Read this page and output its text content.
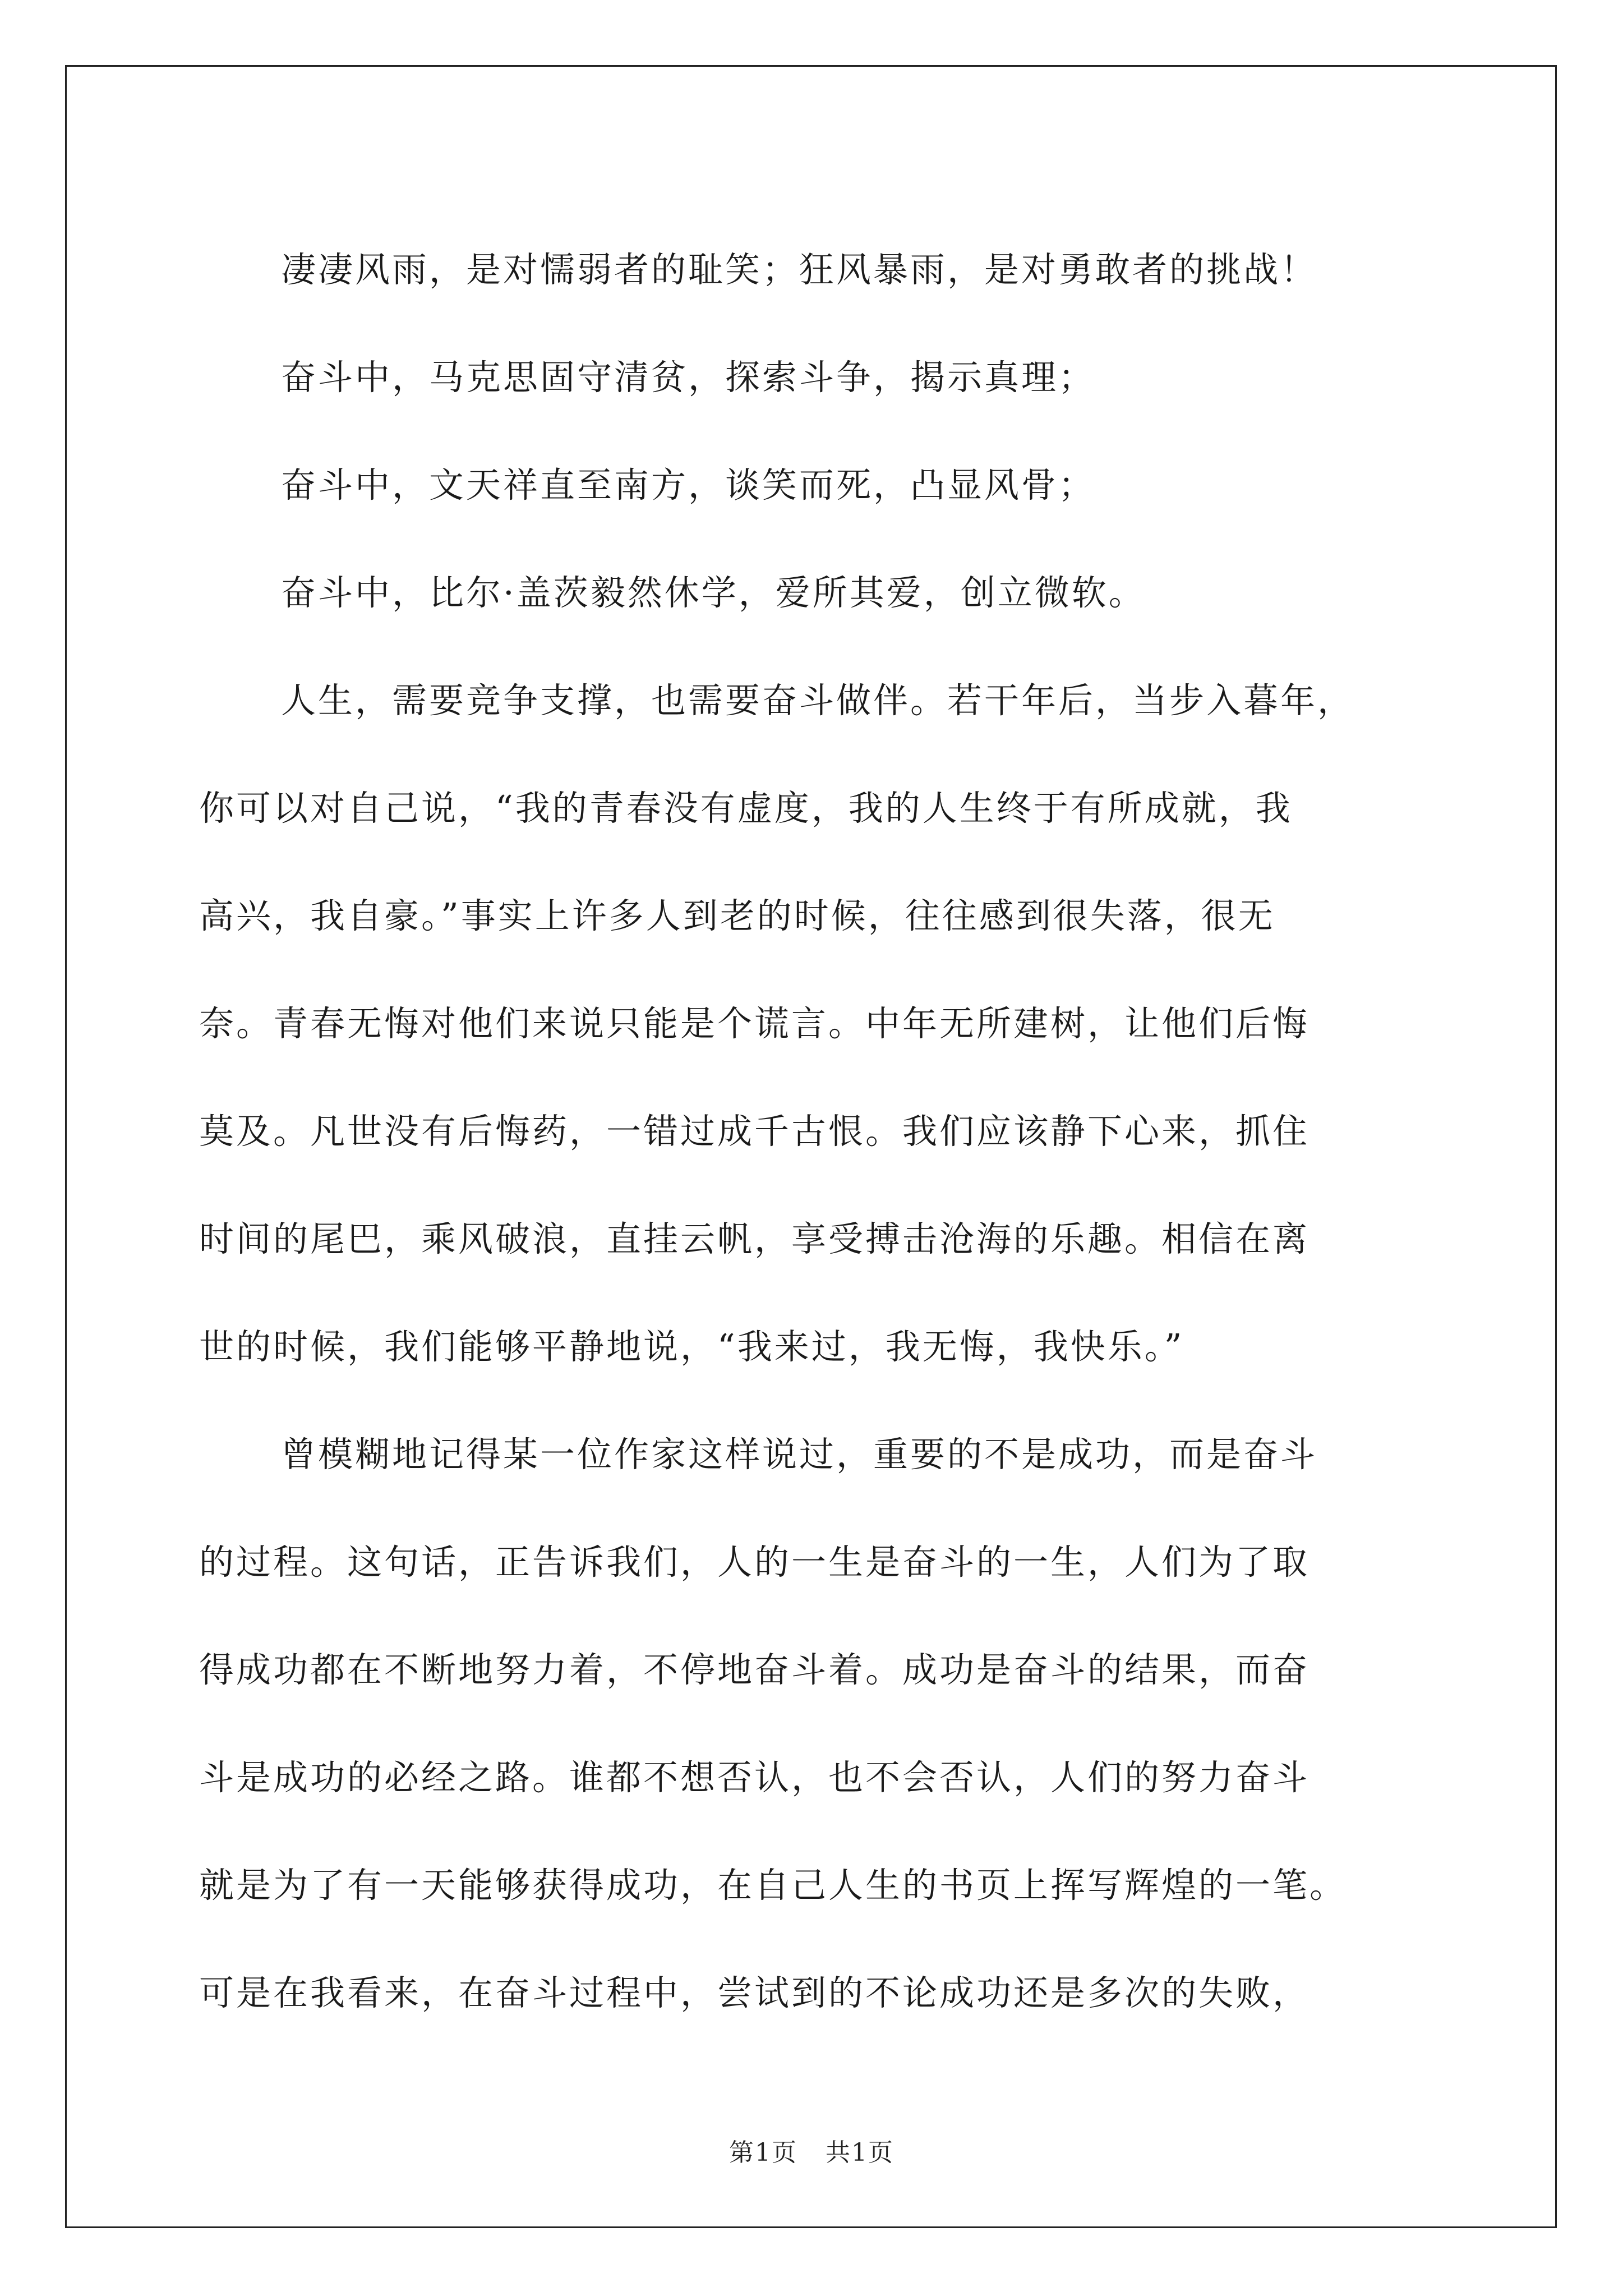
凄凄风雨，是对懦弱者的耻笑；狂风暴雨，是对勇敢者的挑战！
奋斗中，马克思固守清贫，探索斗争，揭示真理；
奋斗中，文天祥直至南方，谈笑而死，凸显风骨；
奋斗中，比尔·盖茨毅然休学，爱所其爱，创立微软。
人生，需要竞争支撑，也需要奋斗做伴。若干年后，当步入暮年，
你可以对自己说，“我的青春没有虚度，我的人生终于有所成就，我
高兴，我自豪。”事实上许多人到老的时候，往往感到很失落，很无
奈。青春无悔对他们来说只能是个谎言。中年无所建树，让他们后悔
莫及。凡世没有后悔药，一错过成千古恨。我们应该静下心来，抓住
时间的尾巴，乘风破浪，直挂云帆，享受搏击沧海的乐趣。相信在离
世的时候，我们能够平静地说，“我来过，我无悔，我快乐。”
曾模糊地记得某一位作家这样说过，重要的不是成功，而是奋斗
的过程。这句话，正告诉我们，人的一生是奋斗的一生，人们为了取
得成功都在不断地努力着，不停地奋斗着。成功是奋斗的结果，而奋
斗是成功的必经之路。谁都不想否认，也不会否认，人们的努力奋斗
就是为了有一天能够获得成功，在自己人生的书页上挥写辉煌的一笔。
可是在我看来，在奋斗过程中，尝试到的不论成功还是多次的失败，
第1页 共1页
